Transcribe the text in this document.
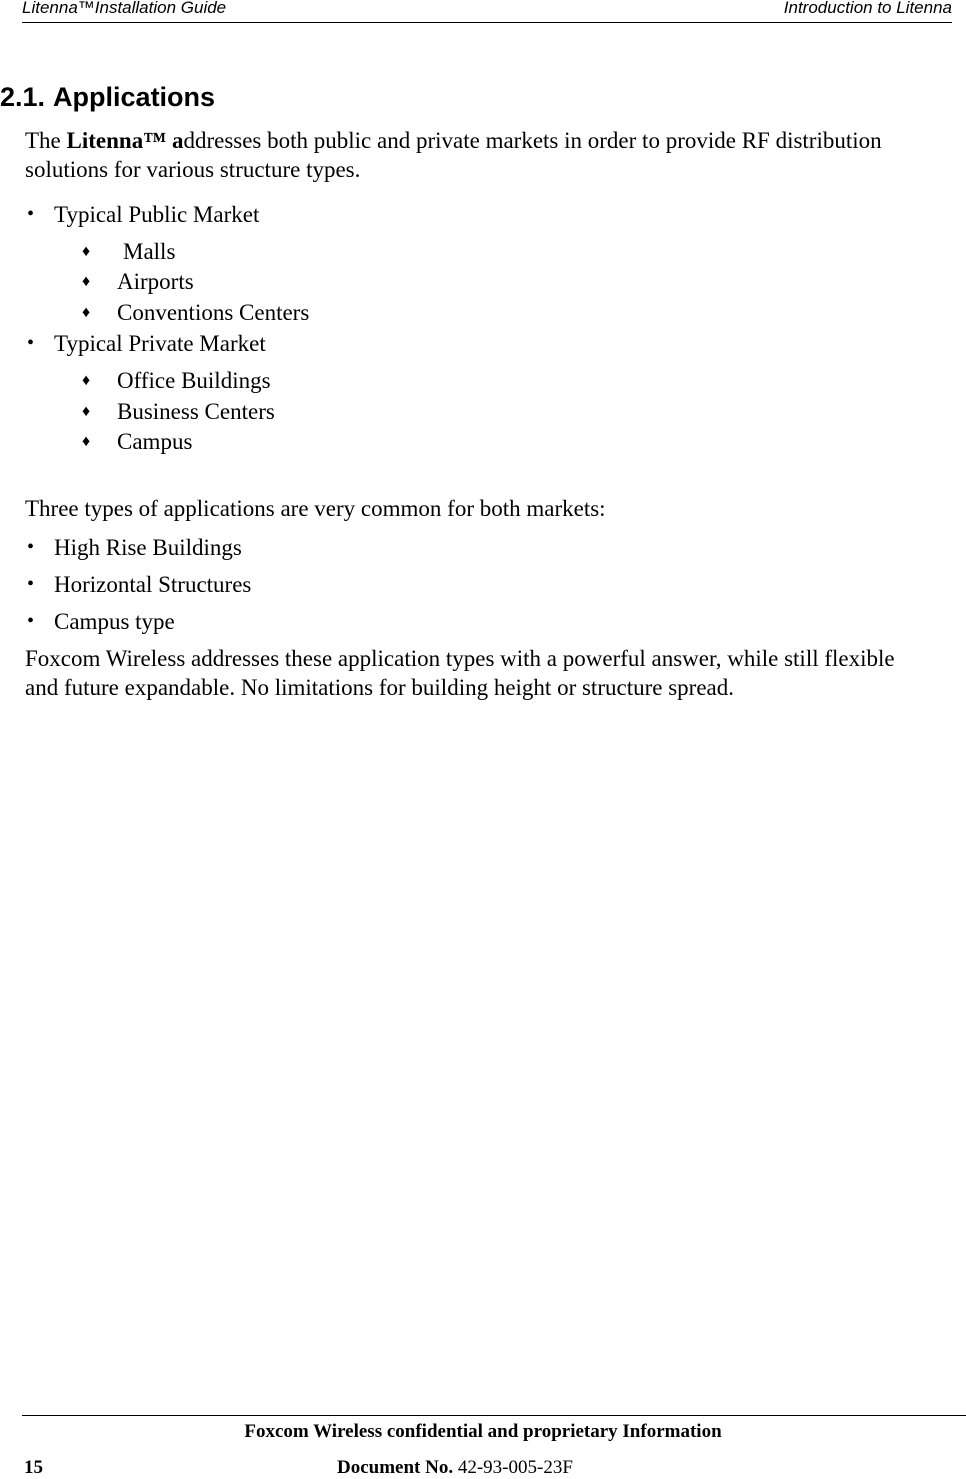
Litenna™Installation Guide	Introduction to Litenna
2.1. Applications
The Litenna™ addresses both public and private markets in order to provide RF distribution solutions for various structure types.
• Typical Public Market
♦ Malls
♦ Airports
♦ Conventions Centers
• Typical Private Market
♦ Office Buildings
♦ Business Centers
♦ Campus
Three types of applications are very common for both markets:
• High Rise Buildings
• Horizontal Structures
• Campus type
Foxcom Wireless addresses these application types with a powerful answer, while still flexible and future expandable. No limitations for building height or structure spread.
Foxcom Wireless confidential and proprietary Information
15	Document No. 42-93-005-23F
